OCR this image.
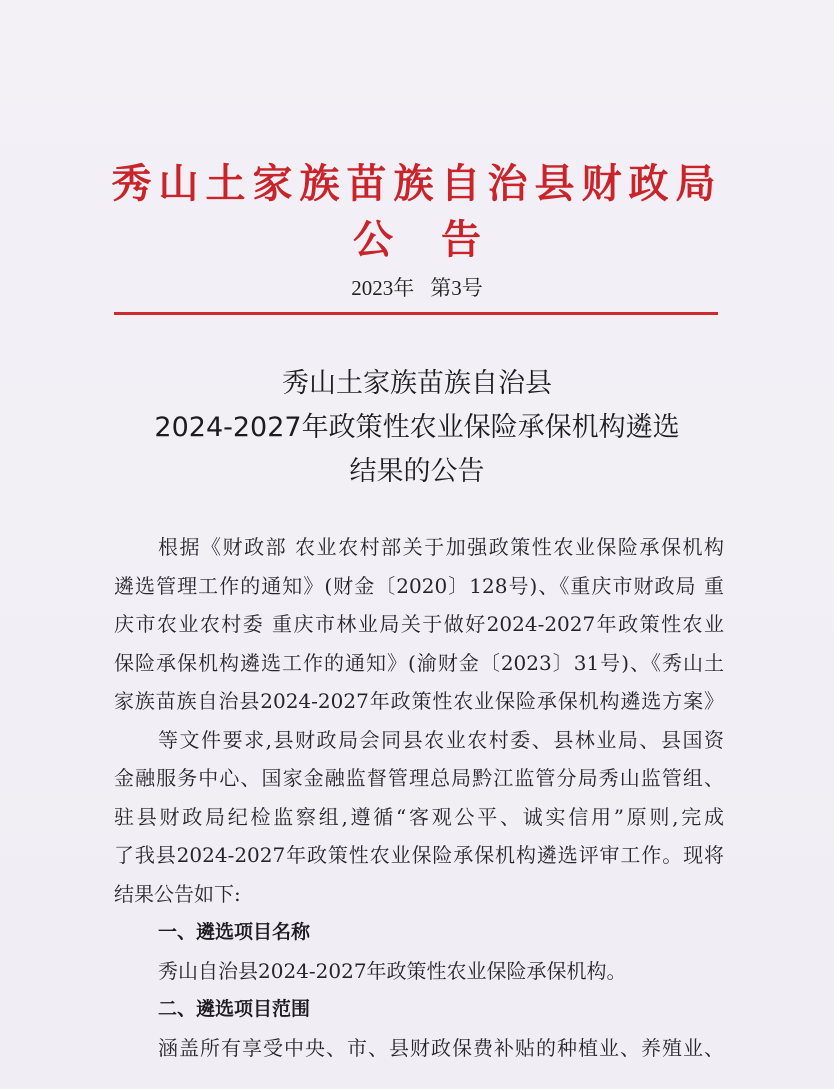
秀山土家族苗族自治县财政局
公 告
2023年 第3号
秀山土家族苗族自治县
2024-2027年政策性农业保险承保机构遴选
结果的公告
根据《财政部 农业农村部关于加强政策性农业保险承保机构
遴选管理工作的通知》(财金〔2020〕128号)、《重庆市财政局 重
庆市农业农村委 重庆市林业局关于做好2024-2027年政策性农业
保险承保机构遴选工作的通知》(渝财金〔2023〕31号)、《秀山土
家族苗族自治县2024-2027年政策性农业保险承保机构遴选方案》
等文件要求,县财政局会同县农业农村委、县林业局、县国资
金融服务中心、国家金融监督管理总局黔江监管分局秀山监管组、
驻县财政局纪检监察组,遵循“客观公平、诚实信用”原则,完成
了我县2024-2027年政策性农业保险承保机构遴选评审工作。现将
结果公告如下:
一、遴选项目名称
秀山自治县2024-2027年政策性农业保险承保机构。
二、遴选项目范围
涵盖所有享受中央、市、县财政保费补贴的种植业、养殖业、
